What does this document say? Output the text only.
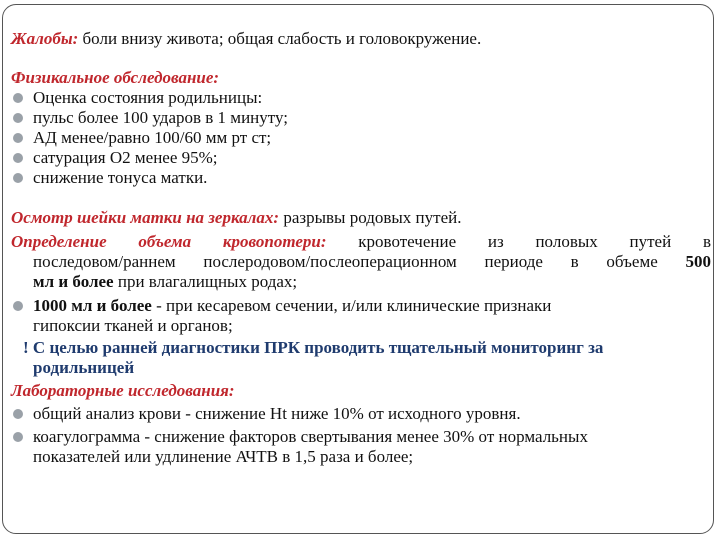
Жалобы: боли внизу живота; общая слабость и головокружение.

Физикальное обследование:

Оценка состояния родильницы:

пульс более 100 ударов в 1 минуту;

АД менее/равно 100/60 мм рт ст;

сатурация О2 менее 95%;

снижение тонуса матки.

Осмотр шейки матки на зеркалах: разрывы родовых путей.

Определение объема кровопотери: кровотечение из половых путей в

последовом/раннем послеродовом/послеоперационном периоде в объеме 500

мл и более при влагалищных родах;

1000 мл и более - при кесаревом сечении, и/или клинические признаки

гипоксии тканей и органов;

! С целью ранней диагностики ПРК проводить тщательный мониторинг за

родильницей

Лабораторные исследования:

общий анализ крови - снижение Ht ниже 10% от исходного уровня.

коагулограмма - снижение факторов свертывания менее 30% от нормальных

показателей или удлинение АЧТВ в 1,5 раза и более;
